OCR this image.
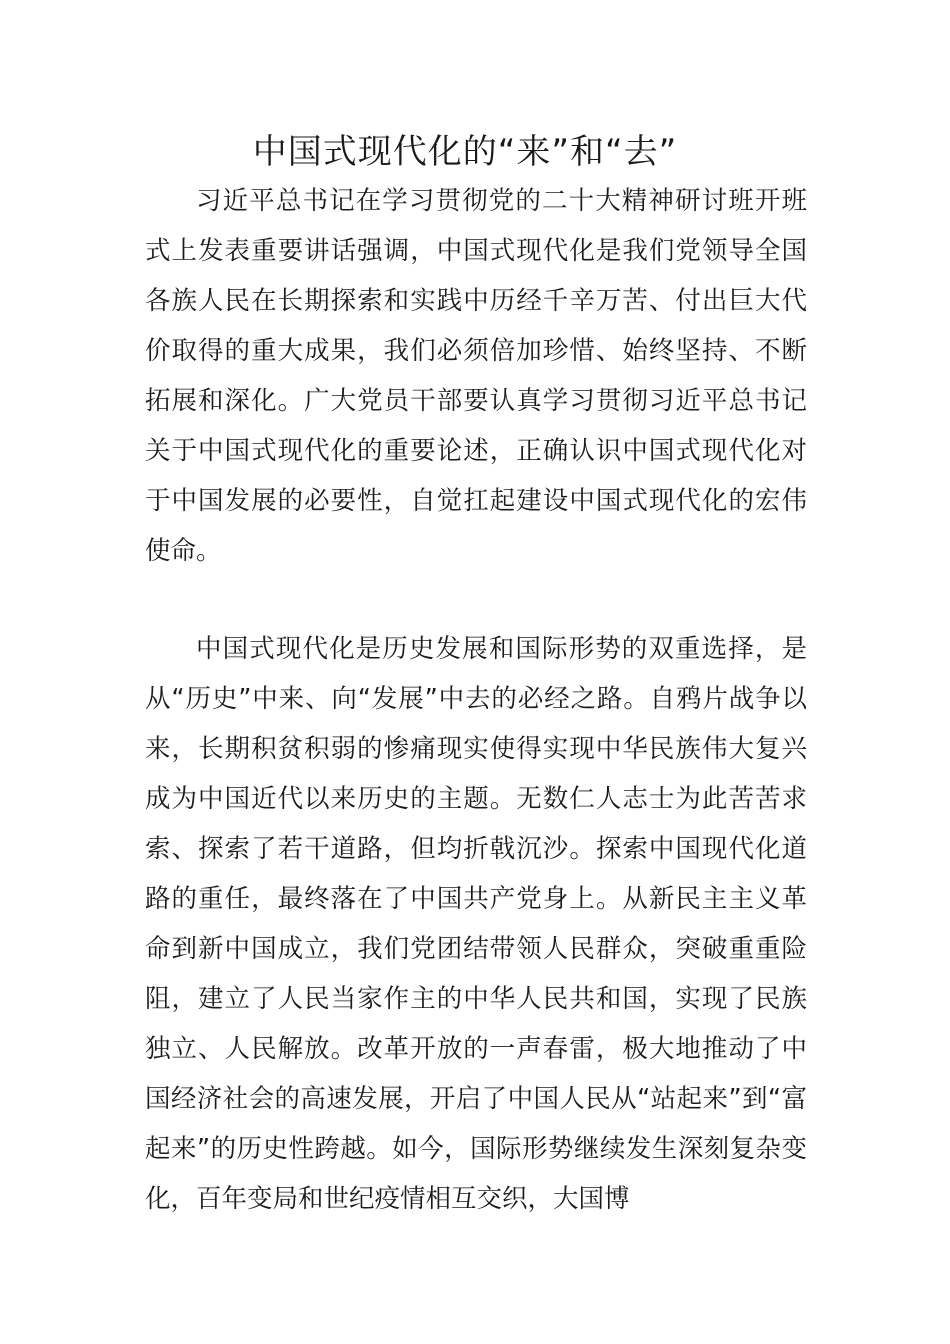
中国式现代化的“来”和“去”

习近平总书记在学习贯彻党的二十大精神研讨班开班式上发表重要讲话强调，中国式现代化是我们党领导全国各族人民在长期探索和实践中历经千辛万苦、付出巨大代价取得的重大成果，我们必须倍加珍惜、始终坚持、不断拓展和深化。广大党员干部要认真学习贯彻习近平总书记关于中国式现代化的重要论述，正确认识中国式现代化对于中国发展的必要性，自觉扛起建设中国式现代化的宏伟使命。

中国式现代化是历史发展和国际形势的双重选择，是从“历史”中来、向“发展”中去的必经之路。自鸦片战争以来，长期积贫积弱的惨痛现实使得实现中华民族伟大复兴成为中国近代以来历史的主题。无数仁人志士为此苦苦求索、探索了若干道路，但均折戟沉沙。探索中国现代化道路的重任，最终落在了中国共产党身上。从新民主主义革命到新中国成立，我们党团结带领人民群众，突破重重险阻，建立了人民当家作主的中华人民共和国，实现了民族独立、人民解放。改革开放的一声春雷，极大地推动了中国经济社会的高速发展，开启了中国人民从“站起来”到“富起来”的历史性跨越。如今，国际形势继续发生深刻复杂变化，百年变局和世纪疫情相互交织，大国博
